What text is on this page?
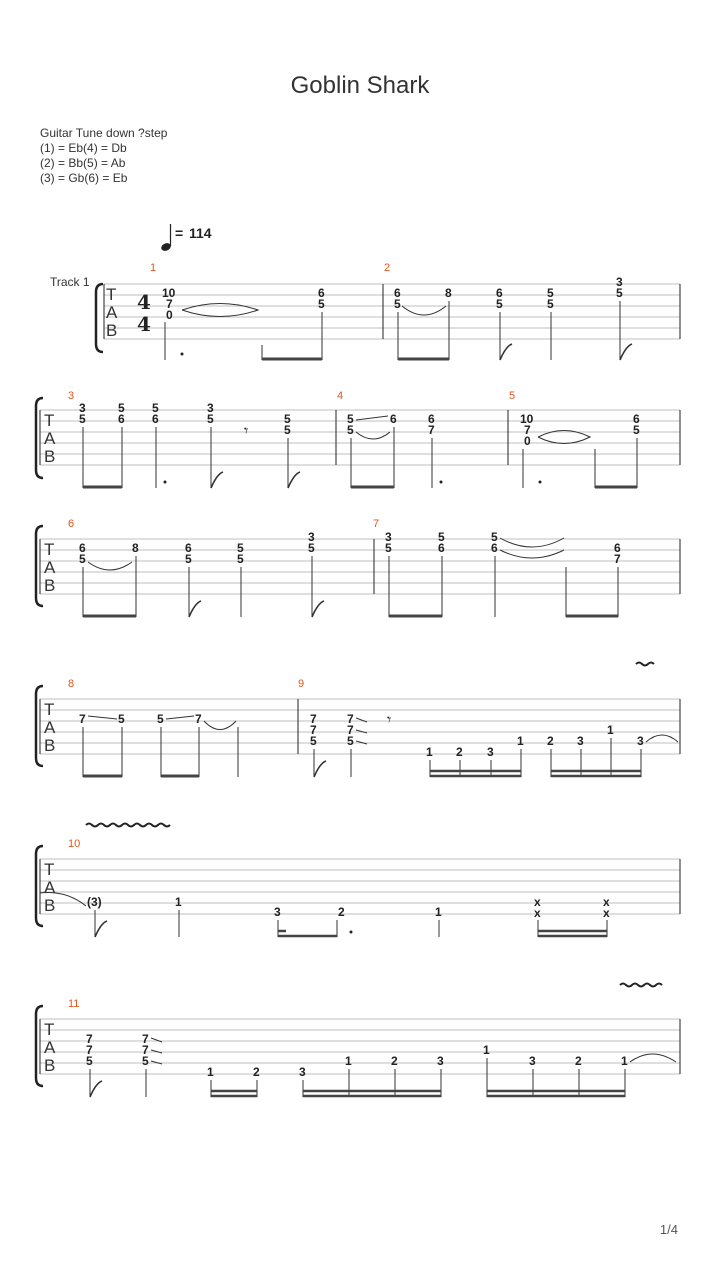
Goblin Shark
Guitar Tune down ?step
(1) = Eb(4) = Db
(2) = Bb(5) = Ab
(3) = Gb(6) = Eb
1/4
= 114
Track 1
T
A
B
4
4
1	2
10
7
0
6
5
6
5
8	6
5
5
5
3
5
T
A
B
3	4	5
3
5
5
6
5
6
3
5	5
5
𝄾
5
5
6	6
7
10
7
0
6
5
T
A
B
6	7
6
5
8	6
5
5
5
3
5
3
5
5
6
5
6	6
7
T
A
B
8	9
7	5	5	7	7
7
5
7
7
5
𝄾
1 2 3
1 2 3
1
3
T
A
B
10
(3)	1
3	2	1
x
x
x
x
T
A
B
11
7
7
5
7
7
5
1	2	3
1	2	3
1
3	2	1
